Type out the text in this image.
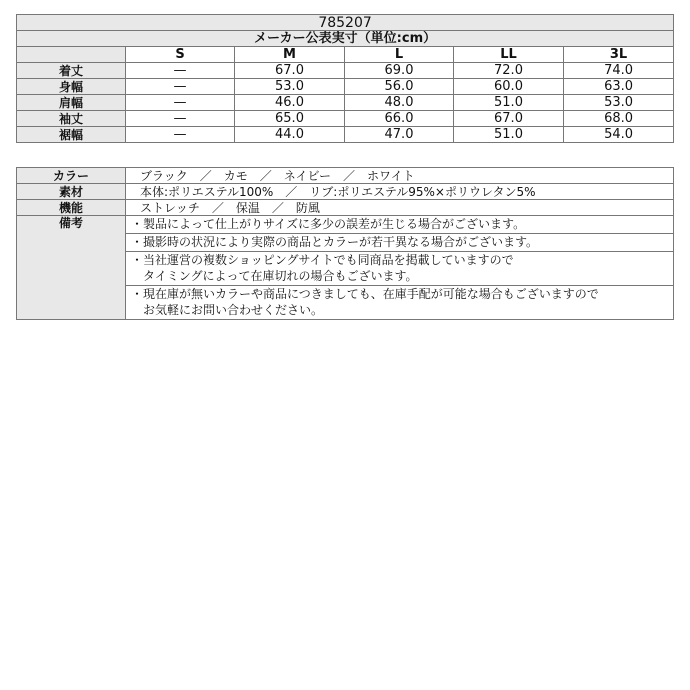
785207					
メーカー公表実寸（単位:cm）					
	S	M	L	LL	3L
着丈	—	67.0	69.0	72.0	74.0
身幅	—	53.0	56.0	60.0	63.0
肩幅	—	46.0	48.0	51.0	53.0
袖丈	—	65.0	66.0	67.0	68.0
裾幅	—	44.0	47.0	51.0	54.0
カラー	ブラック　／　カモ　／　ネイビー　／　ホワイト
素材	本体:ポリエステル100%　／　リブ:ポリエステル95%×ポリウレタン5%
機能	ストレッチ　／　保温　／　防風
備考	・製品によって仕上がりサイズに多少の誤差が生じる場合がございます。

	・撮影時の状況により実際の商品とカラーが若干異なる場合がございます。

	・当社運営の複数ショッピングサイトでも同商品を掲載していますので
　タイミングによって在庫切れの場合もございます。

	・現在庫が無いカラーや商品につきましても、在庫手配が可能な場合もございますので
　お気軽にお問い合わせください。
